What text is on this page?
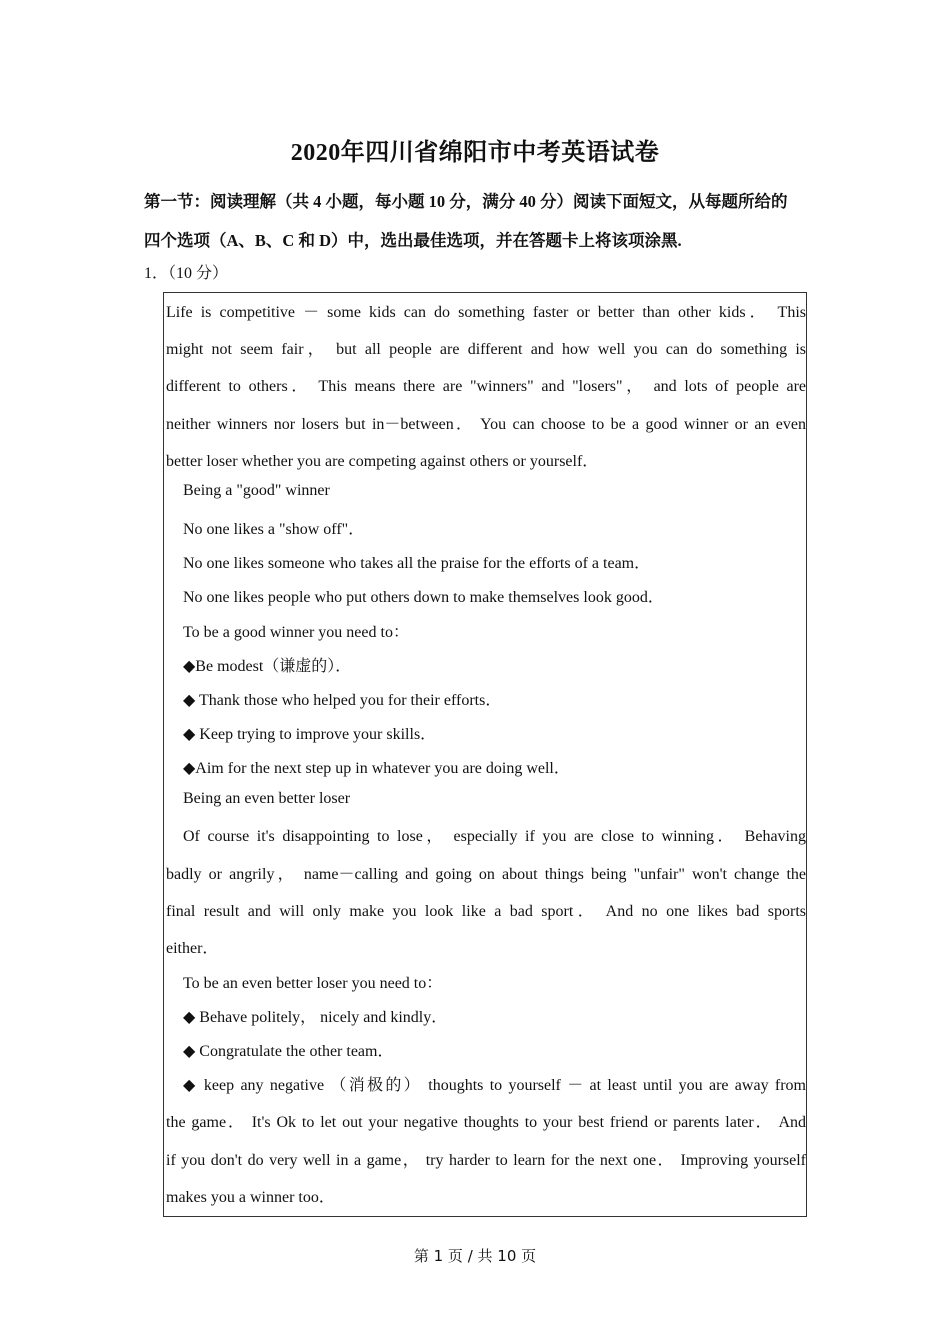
2020年四川省绵阳市中考英语试卷
第一节：阅读理解（共 4 小题，每小题 10 分，满分 40 分）阅读下面短文，从每题所给的
四个选项（A、B、C 和 D）中，选出最佳选项，并在答题卡上将该项涂黑.
1．（10 分）
Life is competitive － some kids can do something faster or better than other kids． This
might not seem fair， but all people are different and how well you can do something is
different to others． This means there are "winners" and "losers"， and lots of people are
neither winners nor losers but in－between． You can choose to be a good winner or an even
better loser whether you are competing against others or yourself．
Being a "good" winner
No one likes a "show off"．
No one likes someone who takes all the praise for the efforts of a team．
No one likes people who put others down to make themselves look good．
To be a good winner you need to：
◆Be modest（谦虚的）．
◆ Thank those who helped you for their efforts．
◆ Keep trying to improve your skills．
◆Aim for the next step up in whatever you are doing well．
Being an even better loser
Of course it's disappointing to lose， especially if you are close to winning． Behaving
badly or angrily， name－calling and going on about things being "unfair" won't change the
final result and will only make you look like a bad sport． And no one likes bad sports
either．
To be an even better loser you need to：
◆ Behave politely， nicely and kindly．
◆ Congratulate the other team．
◆ keep any negative （消极的） thoughts to yourself － at least until you are away from
the game． It's Ok to let out your negative thoughts to your best friend or parents later． And
if you don't do very well in a game， try harder to learn for the next one． Improving yourself
makes you a winner too．
第 1 页 / 共 10 页
